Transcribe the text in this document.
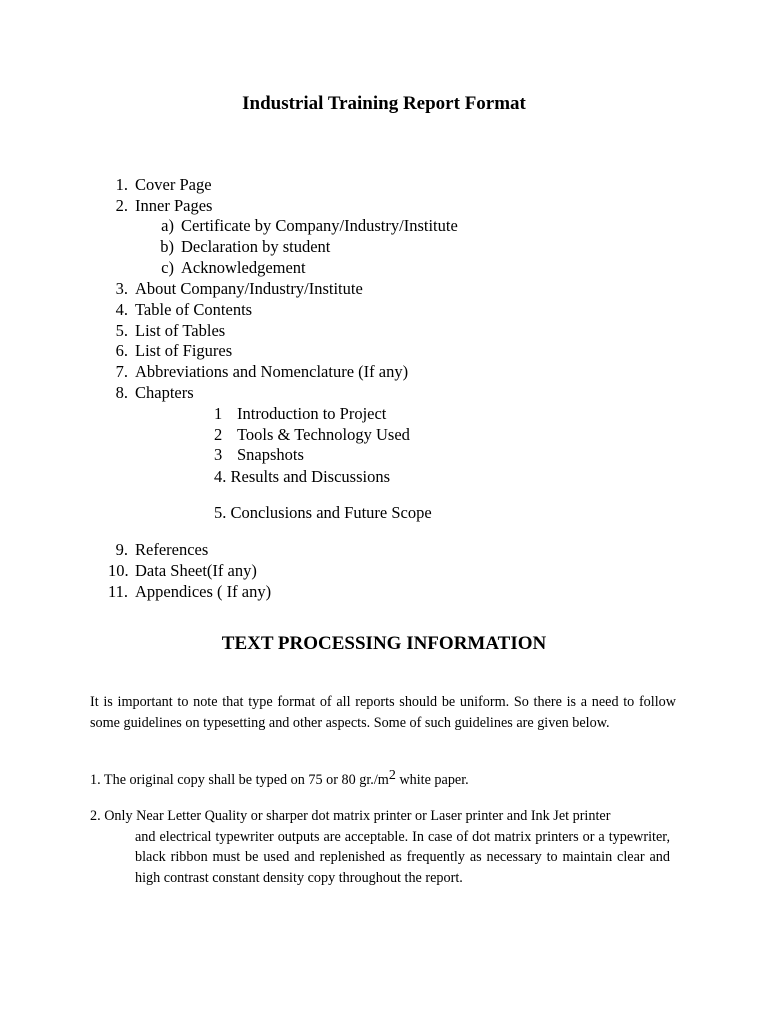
Industrial Training Report Format
1. Cover Page
2. Inner Pages
a) Certificate by Company/Industry/Institute
b) Declaration by student
c) Acknowledgement
3. About Company/Industry/Institute
4. Table of Contents
5. List of Tables
6. List of Figures
7. Abbreviations and Nomenclature (If any)
8. Chapters
1 Introduction to Project
2 Tools & Technology Used
3 Snapshots
4. Results and Discussions
5. Conclusions and Future Scope
9. References
10. Data Sheet(If any)
11. Appendices ( If any)
TEXT PROCESSING INFORMATION

It is important to note that type format of all reports should be uniform. So there is a need to follow some guidelines on typesetting and other aspects. Some of such guidelines are given below.

1. The original copy shall be typed on 75 or 80 gr./m2 white paper.

2. Only Near Letter Quality or sharper dot matrix printer or Laser printer and Ink Jet printer

and electrical typewriter outputs are acceptable. In case of dot matrix printers or a typewriter, black ribbon must be used and replenished as frequently as necessary to maintain clear and high contrast constant density copy throughout the report.
